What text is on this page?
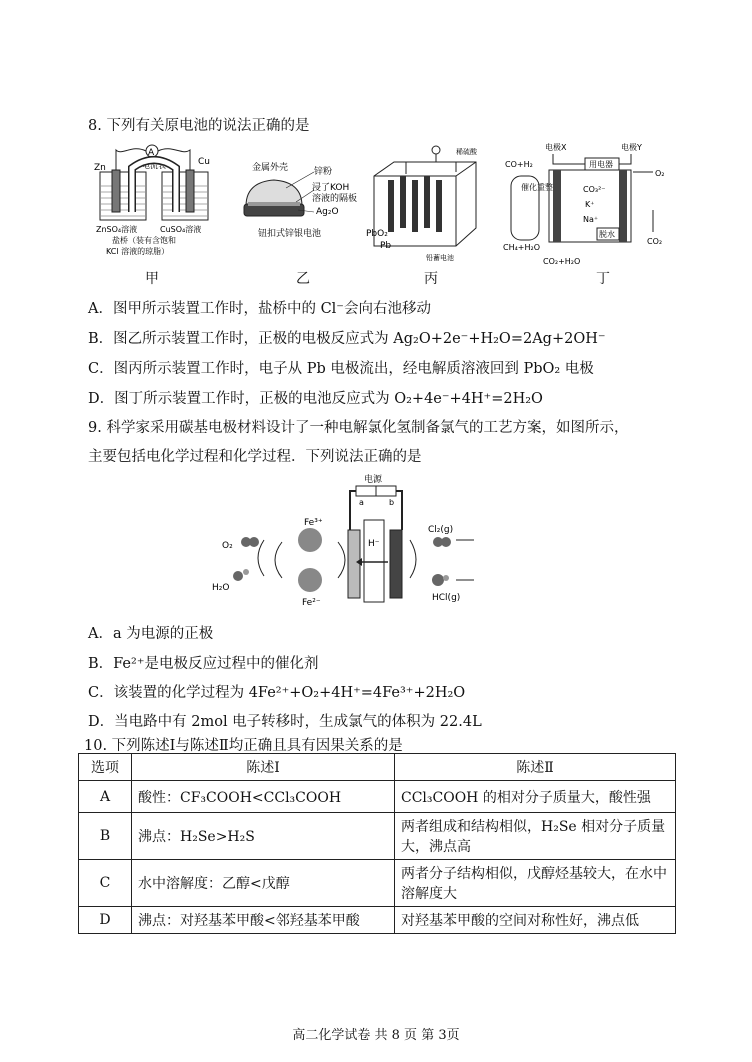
8. 下列有关原电池的说法正确的是
A
电流表
Zn
Cu
ZnSO₄溶液	CuSO₄溶液
盐桥（装有含饱和
KCl 溶液的琼脂）
甲
金属外壳	锌粉
浸了KOH
溶液的隔板
Ag₂O
钮扣式锌银电池
乙
稀硫酸
PbO₂
Pb
铅蓄电池
丙
电极X	电极Y
CO+H₂	用电器
O₂
催化重整	CO₃²⁻
K⁺
Na⁺
脱水
CH₄+H₂O
CO₂+H₂O
CO₂
丁
A．图甲所示装置工作时，盐桥中的 Cl⁻会向右池移动
B．图乙所示装置工作时，正极的电极反应式为 Ag₂O+2e⁻+H₂O=2Ag+2OH⁻
C．图丙所示装置工作时，电子从 Pb 电极流出，经电解质溶液回到 PbO₂ 电极
D．图丁所示装置工作时，正极的电池反应式为 O₂+4e⁻+4H⁺=2H₂O
9. 科学家采用碳基电极材料设计了一种电解氯化氢制备氯气的工艺方案，如图所示，
主要包括电化学过程和化学过程．下列说法正确的是
电源
a	b
H⁻
Fe³⁺
Fe²⁻
O₂
H₂O
Cl₂(g)
HCl(g)
A．a 为电源的正极
B．Fe²⁺是电极反应过程中的催化剂
C．该装置的化学过程为 4Fe²⁺+O₂+4H⁺=4Fe³⁺+2H₂O
D．当电路中有 2mol 电子转移时，生成氯气的体积为 22.4L
10. 下列陈述Ⅰ与陈述Ⅱ均正确且具有因果关系的是
选项	陈述Ⅰ	陈述Ⅱ
A	酸性：CF₃COOH<CCl₃COOH	CCl₃COOH 的相对分子质量大，酸性强
B	沸点：H₂Se>H₂S	两者组成和结构相似，H₂Se 相对分子质量大，沸点高
C	水中溶解度：乙醇<戊醇	两者分子结构相似，戊醇烃基较大，在水中溶解度大
D	沸点：对羟基苯甲酸<邻羟基苯甲酸	对羟基苯甲酸的空间对称性好，沸点低
高二化学试卷 共 8 页 第 3页
